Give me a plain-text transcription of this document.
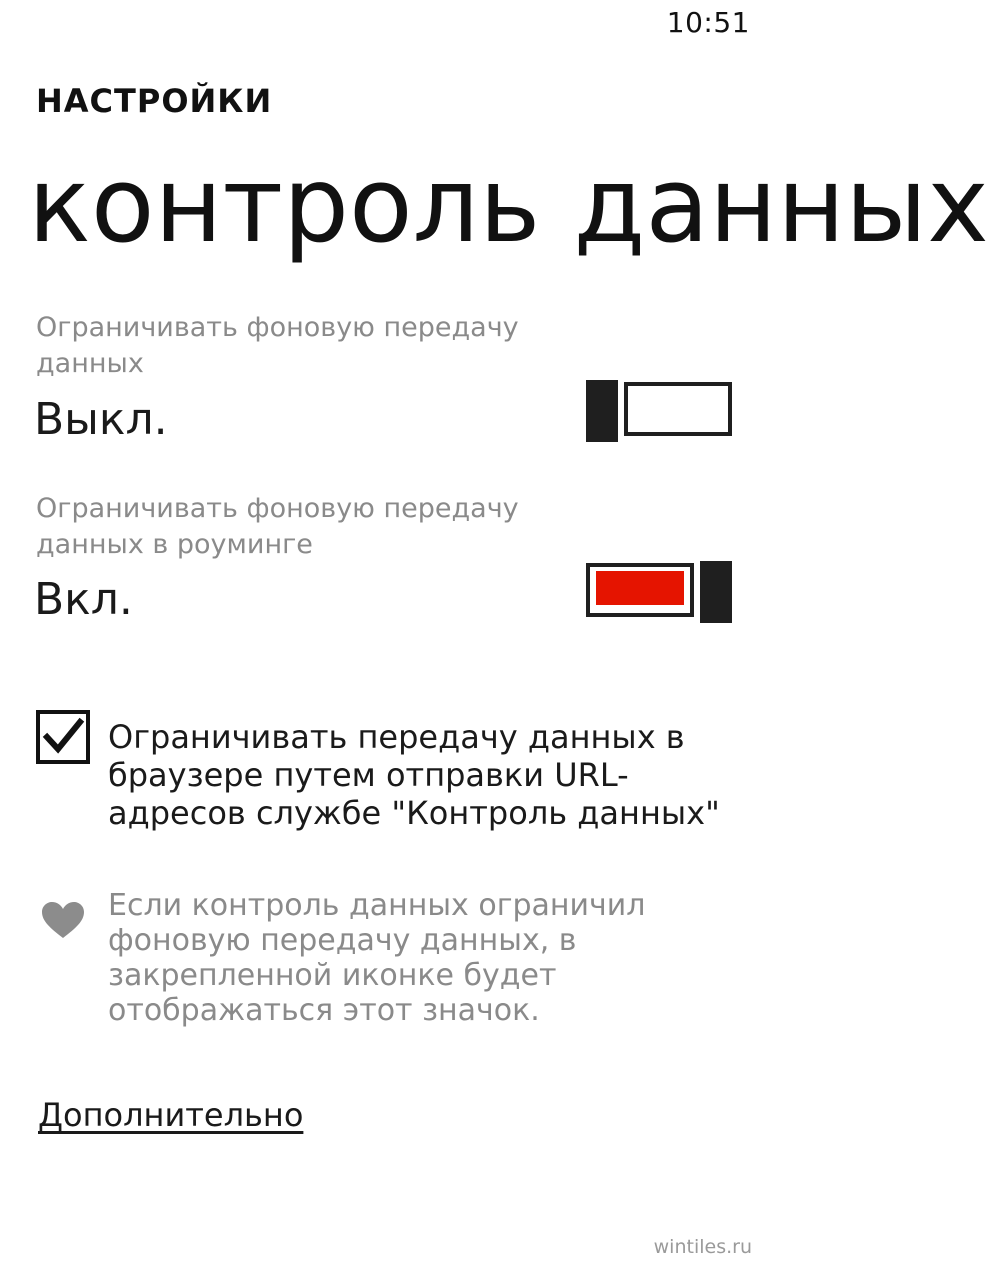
10:51
НАСТРОЙКИ
контроль данных
Ограничивать фоновую передачу данных
Выкл.
Ограничивать фоновую передачу данных в роуминге
Вкл.
Ограничивать передачу данных в браузере путем отправки URL-адресов службе "Контроль данных"
Если контроль данных ограничил фоновую передачу данных, в закрепленной иконке будет отображаться этот значок.
Дополнительно
wintiles.ru
